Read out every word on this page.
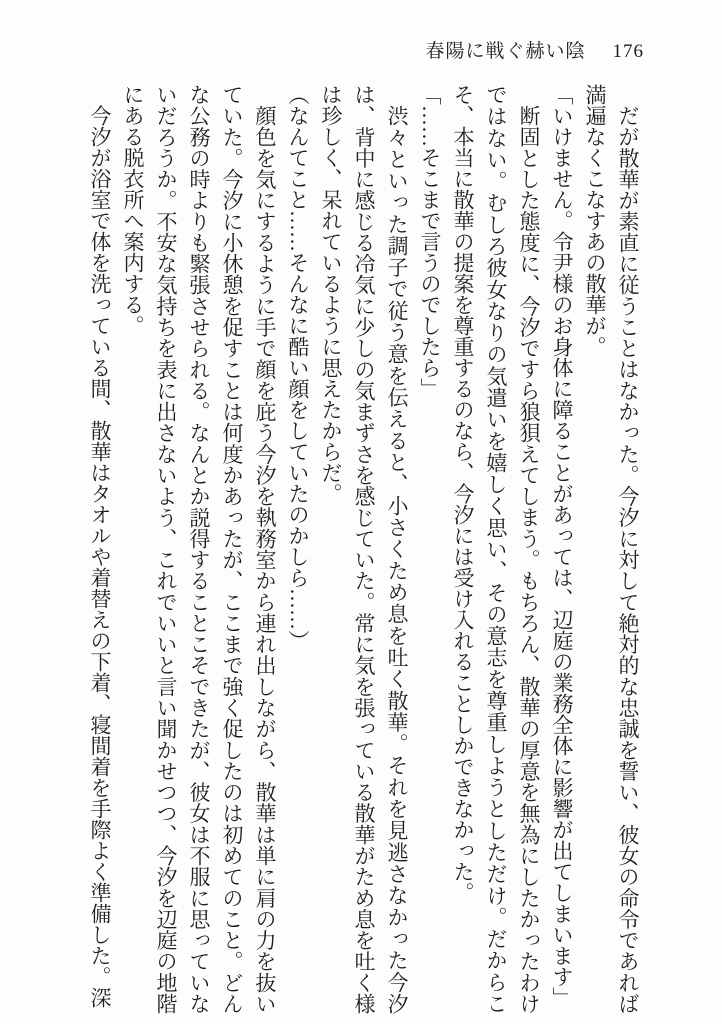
春陽に戦ぐ赫い陰 176

だが散華が素直に従うことはなかった。今汐に対して絶対的な忠誠を誓い、彼女の命令であれば満遍なくこなすあの散華が。

「いけません。令尹様のお身体に障ることがあっては、辺庭の業務全体に影響が出てしまいます」

断固とした態度に、今汐ですら狼狽えてしまう。もちろん、散華の厚意を無為にしたかったわけではない。むしろ彼女なりの気遣いを嬉しく思い、その意志を尊重しようとしただけ。だからこそ、本当に散華の提案を尊重するのなら、今汐には受け入れることしかできなかった。

「……そこまで言うのでしたら」

渋々といった調子で従う意を伝えると、小さくため息を吐く散華。それを見逃さなかった今汐は、背中に感じる冷気に少しの気まずさを感じていた。常に気を張っている散華がため息を吐く様は珍しく、呆れているように思えたからだ。

（なんてこと……そんなに酷い顔をしていたのかしら……）

顔色を気にするように手で顔を庇う今汐を執務室から連れ出しながら、散華は単に肩の力を抜いていた。今汐に小休憩を促すことは何度かあったが、ここまで強く促したのは初めてのこと。どんな公務の時よりも緊張させられる。なんとか説得することこそできたが、彼女は不服に思っていないだろうか。不安な気持ちを表に出さないよう、これでいいと言い聞かせつつ、今汐を辺庭の地階にある脱衣所へ案内する。

今汐が浴室で体を洗っている間、散華はタオルや着替えの下着、寝間着を手際よく準備した。深
